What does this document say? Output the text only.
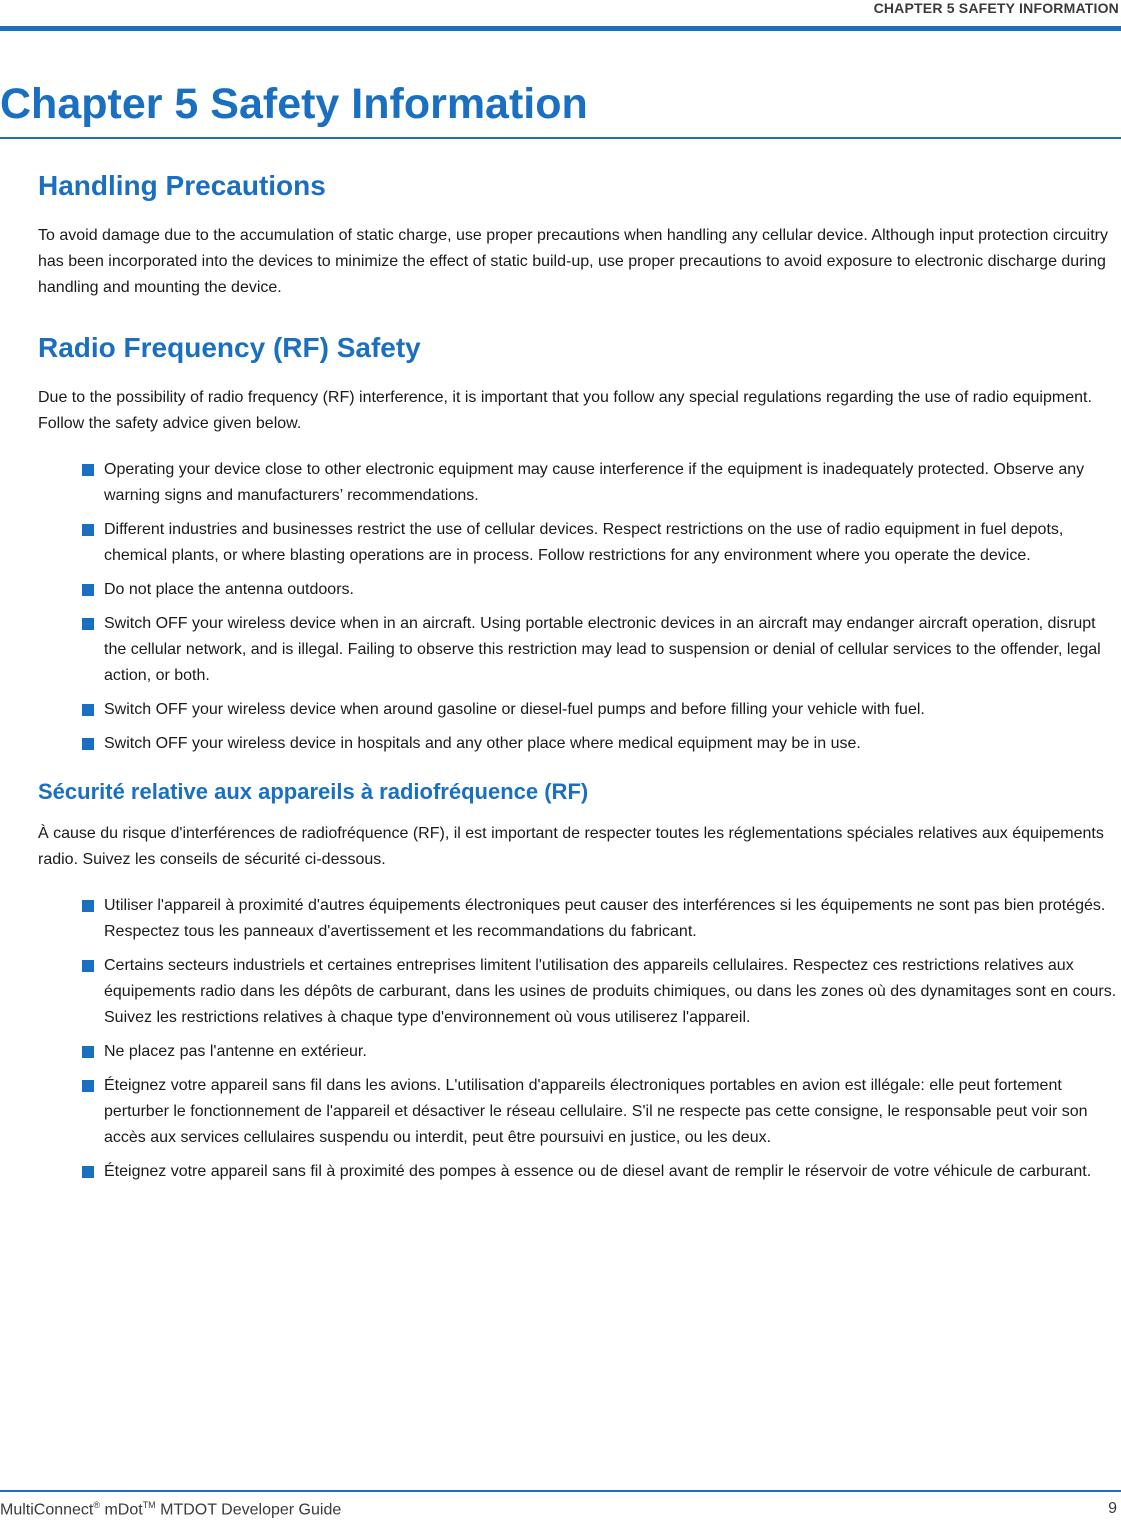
CHAPTER 5 SAFETY INFORMATION
Chapter 5 Safety Information
Handling Precautions

To avoid damage due to the accumulation of static charge, use proper precautions when handling any cellular device. Although input protection circuitry has been incorporated into the devices to minimize the effect of static build-up, use proper precautions to avoid exposure to electronic discharge during handling and mounting the device.

Radio Frequency (RF) Safety

Due to the possibility of radio frequency (RF) interference, it is important that you follow any special regulations regarding the use of radio equipment. Follow the safety advice given below.

Operating your device close to other electronic equipment may cause interference if the equipment is inadequately protected. Observe any warning signs and manufacturers’ recommendations.
Different industries and businesses restrict the use of cellular devices. Respect restrictions on the use of radio equipment in fuel depots, chemical plants, or where blasting operations are in process. Follow restrictions for any environment where you operate the device.
Do not place the antenna outdoors.
Switch OFF your wireless device when in an aircraft. Using portable electronic devices in an aircraft may endanger aircraft operation, disrupt the cellular network, and is illegal. Failing to observe this restriction may lead to suspension or denial of cellular services to the offender, legal action, or both.
Switch OFF your wireless device when around gasoline or diesel-fuel pumps and before filling your vehicle with fuel.
Switch OFF your wireless device in hospitals and any other place where medical equipment may be in use.
Sécurité relative aux appareils à radiofréquence (RF)

À cause du risque d'interférences de radiofréquence (RF), il est important de respecter toutes les réglementations spéciales relatives aux équipements radio. Suivez les conseils de sécurité ci-dessous.

Utiliser l'appareil à proximité d'autres équipements électroniques peut causer des interférences si les équipements ne sont pas bien protégés. Respectez tous les panneaux d'avertissement et les recommandations du fabricant.
Certains secteurs industriels et certaines entreprises limitent l'utilisation des appareils cellulaires. Respectez ces restrictions relatives aux équipements radio dans les dépôts de carburant, dans les usines de produits chimiques, ou dans les zones où des dynamitages sont en cours. Suivez les restrictions relatives à chaque type d'environnement où vous utiliserez l'appareil.
Ne placez pas l'antenne en extérieur.
Éteignez votre appareil sans fil dans les avions. L'utilisation d'appareils électroniques portables en avion est illégale: elle peut fortement perturber le fonctionnement de l'appareil et désactiver le réseau cellulaire. S'il ne respecte pas cette consigne, le responsable peut voir son accès aux services cellulaires suspendu ou interdit, peut être poursuivi en justice, ou les deux.
Éteignez votre appareil sans fil à proximité des pompes à essence ou de diesel avant de remplir le réservoir de votre véhicule de carburant.
MultiConnect® mDot™ MTDOT Developer Guide	9
